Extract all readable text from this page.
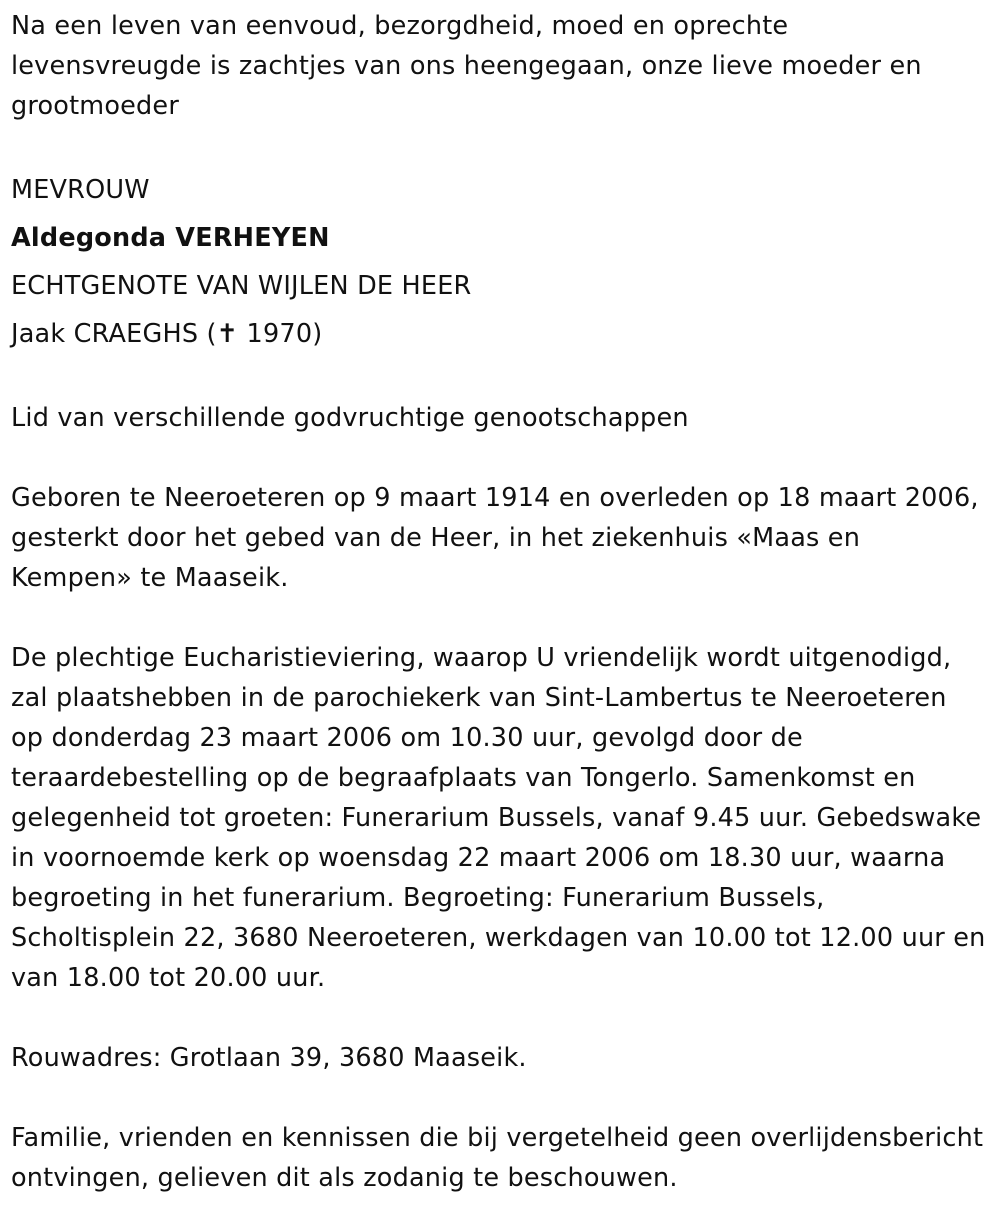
Na een leven van eenvoud, bezorgdheid, moed en oprechte levensvreugde is zachtjes van ons heengegaan, onze lieve moeder en grootmoeder

MEVROUW

Aldegonda VERHEYEN

ECHTGENOTE VAN WIJLEN DE HEER

Jaak CRAEGHS (✝ 1970)

Lid van verschillende godvruchtige genootschappen

Geboren te Neeroeteren op 9 maart 1914 en overleden op 18 maart 2006, gesterkt door het gebed van de Heer, in het ziekenhuis «Maas en Kempen» te Maaseik.

De plechtige Eucharistieviering, waarop U vriendelijk wordt uitgenodigd, zal plaatshebben in de parochiekerk van Sint-Lambertus te Neeroeteren op donderdag 23 maart 2006 om 10.30 uur, gevolgd door de teraardebestelling op de begraafplaats van Tongerlo. Samenkomst en gelegenheid tot groeten: Funerarium Bussels, vanaf 9.45 uur. Gebedswake in voornoemde kerk op woensdag 22 maart 2006 om 18.30 uur, waarna begroeting in het funerarium. Begroeting: Funerarium Bussels, Scholtisplein 22, 3680 Neeroeteren, werkdagen van 10.00 tot 12.00 uur en van 18.00 tot 20.00 uur.

Rouwadres: Grotlaan 39, 3680 Maaseik.

Familie, vrienden en kennissen die bij vergetelheid geen overlijdensbericht ontvingen, gelieven dit als zodanig te beschouwen.
